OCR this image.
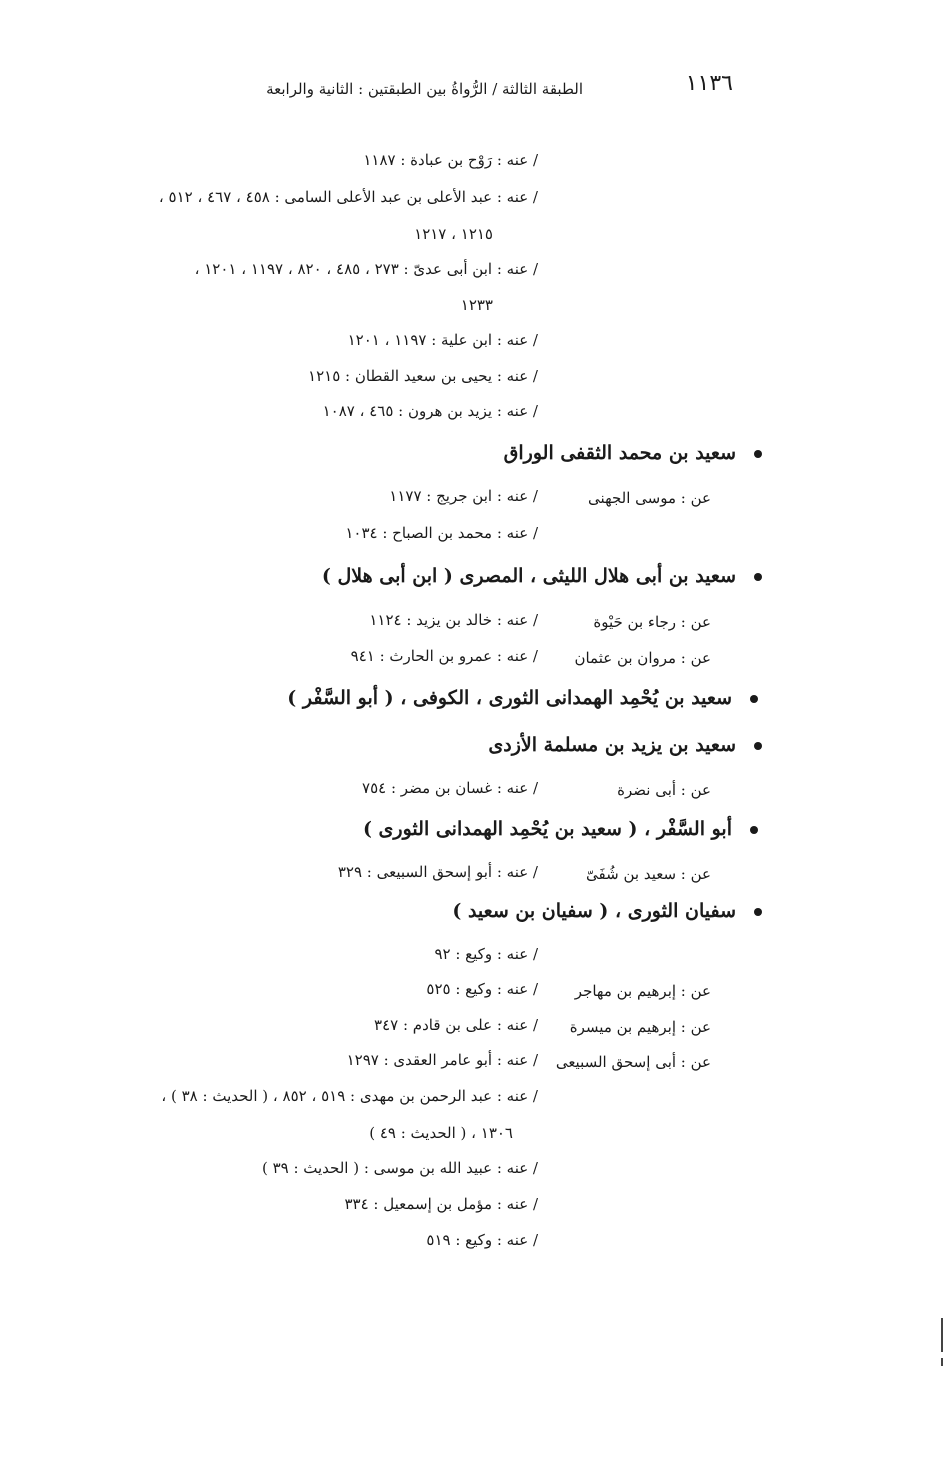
١١٣٦
الطبقة الثالثة / الرُّواةُ بين الطبقتين : الثانية والرابعة
/ عنه : رَوْح بن عبادة : ١١٨٧
/ عنه : عبد الأعلى بن عبد الأعلى السامى : ٤٥٨ ، ٤٦٧ ، ٥١٢ ،
١٢١٥ ، ١٢١٧
/ عنه : ابن أبى عدىّ : ٢٧٣ ، ٤٨٥ ، ٨٢٠ ، ١١٩٧ ، ١٢٠١ ،
١٢٣٣
/ عنه : ابن علية : ١١٩٧ ، ١٢٠١
/ عنه : يحيى بن سعيد القطان : ١٢١٥
/ عنه : يزيد بن هرون : ٤٦٥ ، ١٠٨٧
سعيد بن محمد الثقفى الوراق
عن : موسى الجهنى
/ عنه : ابن جريج : ١١٧٧
/ عنه : محمد بن الصباح : ١٠٣٤
سعيد بن أبى هلال الليثى ، المصرى ( ابن أبى هلال )
عن : رجاء بن حَيْوة
/ عنه : خالد بن يزيد : ١١٢٤
عن : مروان بن عثمان
/ عنه : عمرو بن الحارث : ٩٤١
سعيد بن يُحْمِد الهمدانى الثورى ، الكوفى ، ( أبو السَّفْر )
سعيد بن يزيد بن مسلمة الأزدى
عن : أبى نضرة
/ عنه : غسان بن مضر : ٧٥٤
أبو السَّفْر ، ( سعيد بن يُحْمِد الهمدانى الثورى )
عن : سعيد بن شُفَىّ
/ عنه : أبو إسحق السبيعى : ٣٢٩
سفيان الثورى ، ( سفيان بن سعيد )
/ عنه : وكيع : ٩٢
عن : إبرهيم بن مهاجر
/ عنه : وكيع : ٥٢٥
عن : إبرهيم بن ميسرة
/ عنه : على بن قادم : ٣٤٧
عن : أبى إسحق السبيعى
/ عنه : أبو عامر العقدى : ١٢٩٧
/ عنه : عبد الرحمن بن مهدى : ٥١٩ ، ٨٥٢ ، ( الحديث : ٣٨ ) ،
١٣٠٦ ، ( الحديث : ٤٩ )
/ عنه : عبيد الله بن موسى : ( الحديث : ٣٩ )
/ عنه : مؤمل بن إسمعيل : ٣٣٤
/ عنه : وكيع : ٥١٩
